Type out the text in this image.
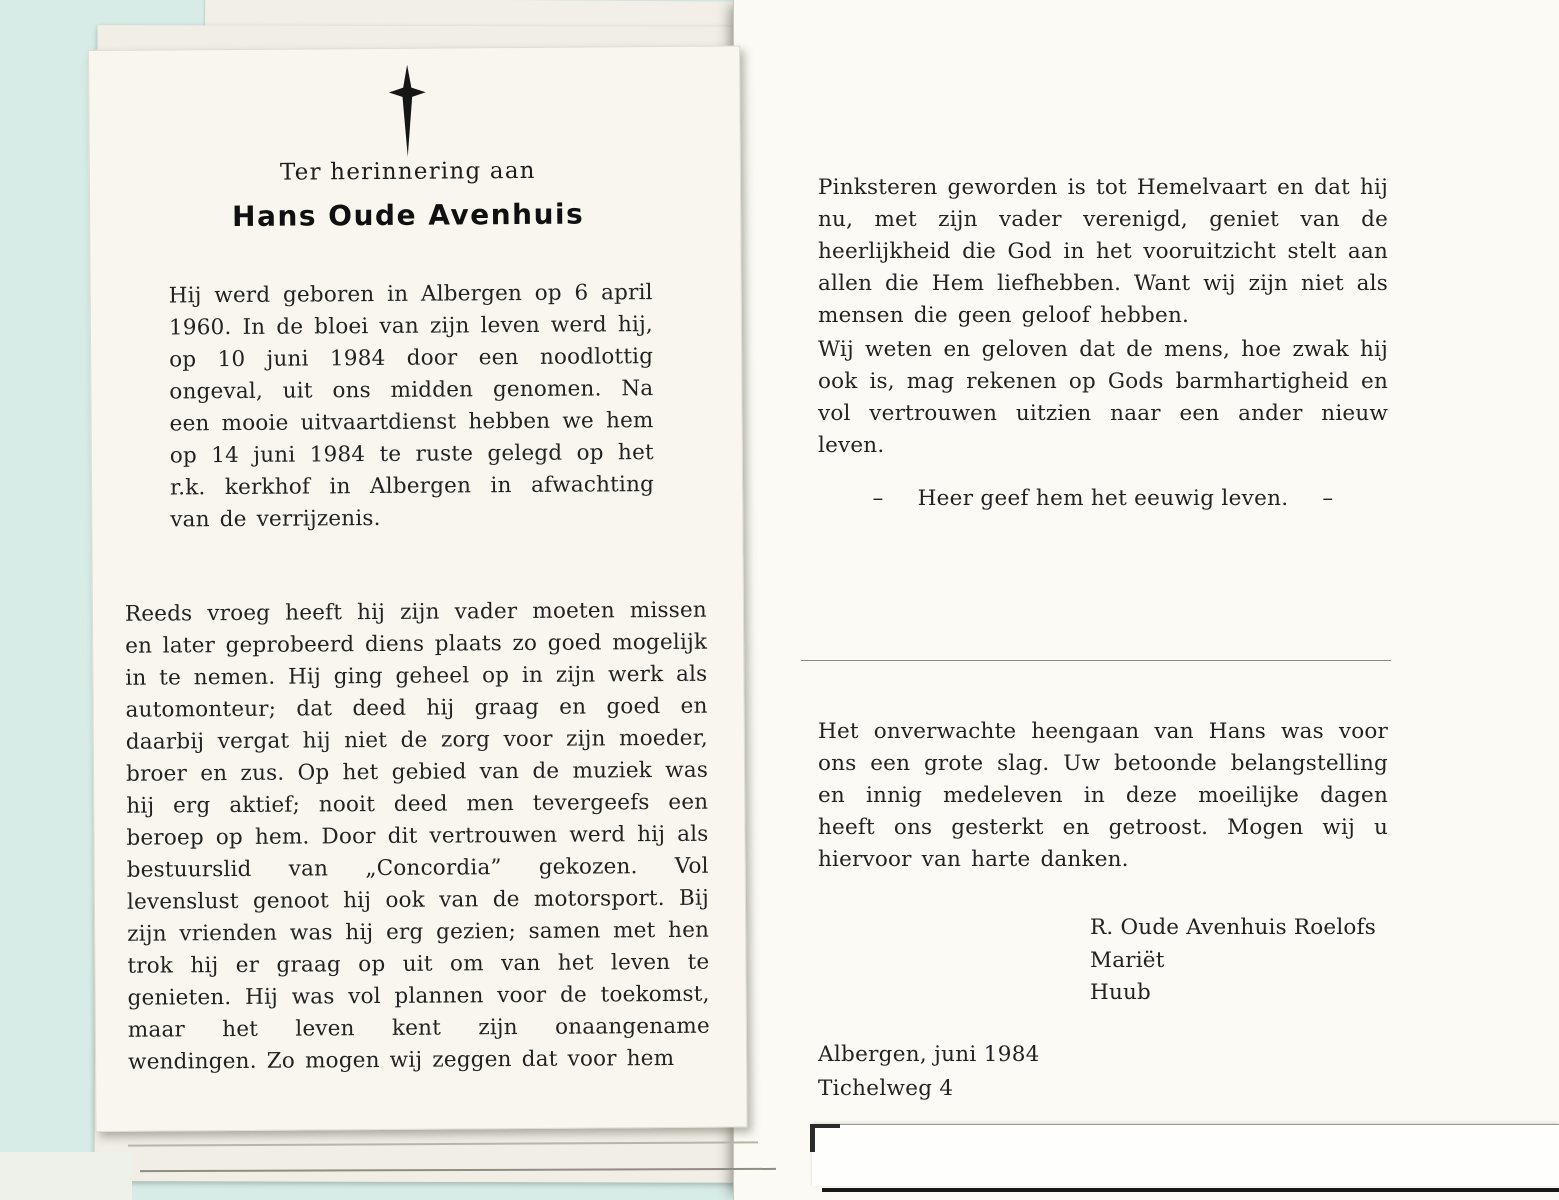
Pinksteren geworden is tot Hemelvaart en dat hij nu, met zijn vader verenigd, geniet van de heerlijkheid die God in het vooruitzicht stelt aan allen die Hem liefhebben. Want wij zijn niet als mensen die geen geloof hebben.
Wij weten en geloven dat de mens, hoe zwak hij ook is, mag rekenen op Gods barmhartigheid en vol vertrouwen uitzien naar een ander nieuw leven.
– Heer geef hem het eeuwig leven. –
Het onverwachte heengaan van Hans was voor ons een grote slag. Uw betoonde belangstelling en innig medeleven in deze moeilijke dagen heeft ons gesterkt en getroost. Mogen wij u hiervoor van harte danken.
R. Oude Avenhuis Roelofs
Mariët
Huub
Albergen, juni 1984
Tichelweg 4
Ter herinnering aan
Hans Oude Avenhuis
Hij werd geboren in Albergen op 6 april 1960. In de bloei van zijn leven werd hij, op 10 juni 1984 door een noodlottig ongeval, uit ons midden genomen. Na een mooie uitvaartdienst hebben we hem op 14 juni 1984 te ruste gelegd op het r.k. kerkhof in Albergen in afwachting van de verrijzenis.
Reeds vroeg heeft hij zijn vader moeten missen en later geprobeerd diens plaats zo goed mogelijk in te nemen. Hij ging geheel op in zijn werk als automonteur; dat deed hij graag en goed en daarbij vergat hij niet de zorg voor zijn moeder, broer en zus. Op het gebied van de muziek was hij erg aktief; nooit deed men tevergeefs een beroep op hem. Door dit vertrouwen werd hij als bestuurslid van „Concordia” gekozen. Vol levenslust genoot hij ook van de motorsport. Bij zijn vrienden was hij erg gezien; samen met hen trok hij er graag op uit om van het leven te genieten. Hij was vol plannen voor de toekomst, maar het leven kent zijn onaangename wendingen. Zo mogen wij zeggen dat voor hem
